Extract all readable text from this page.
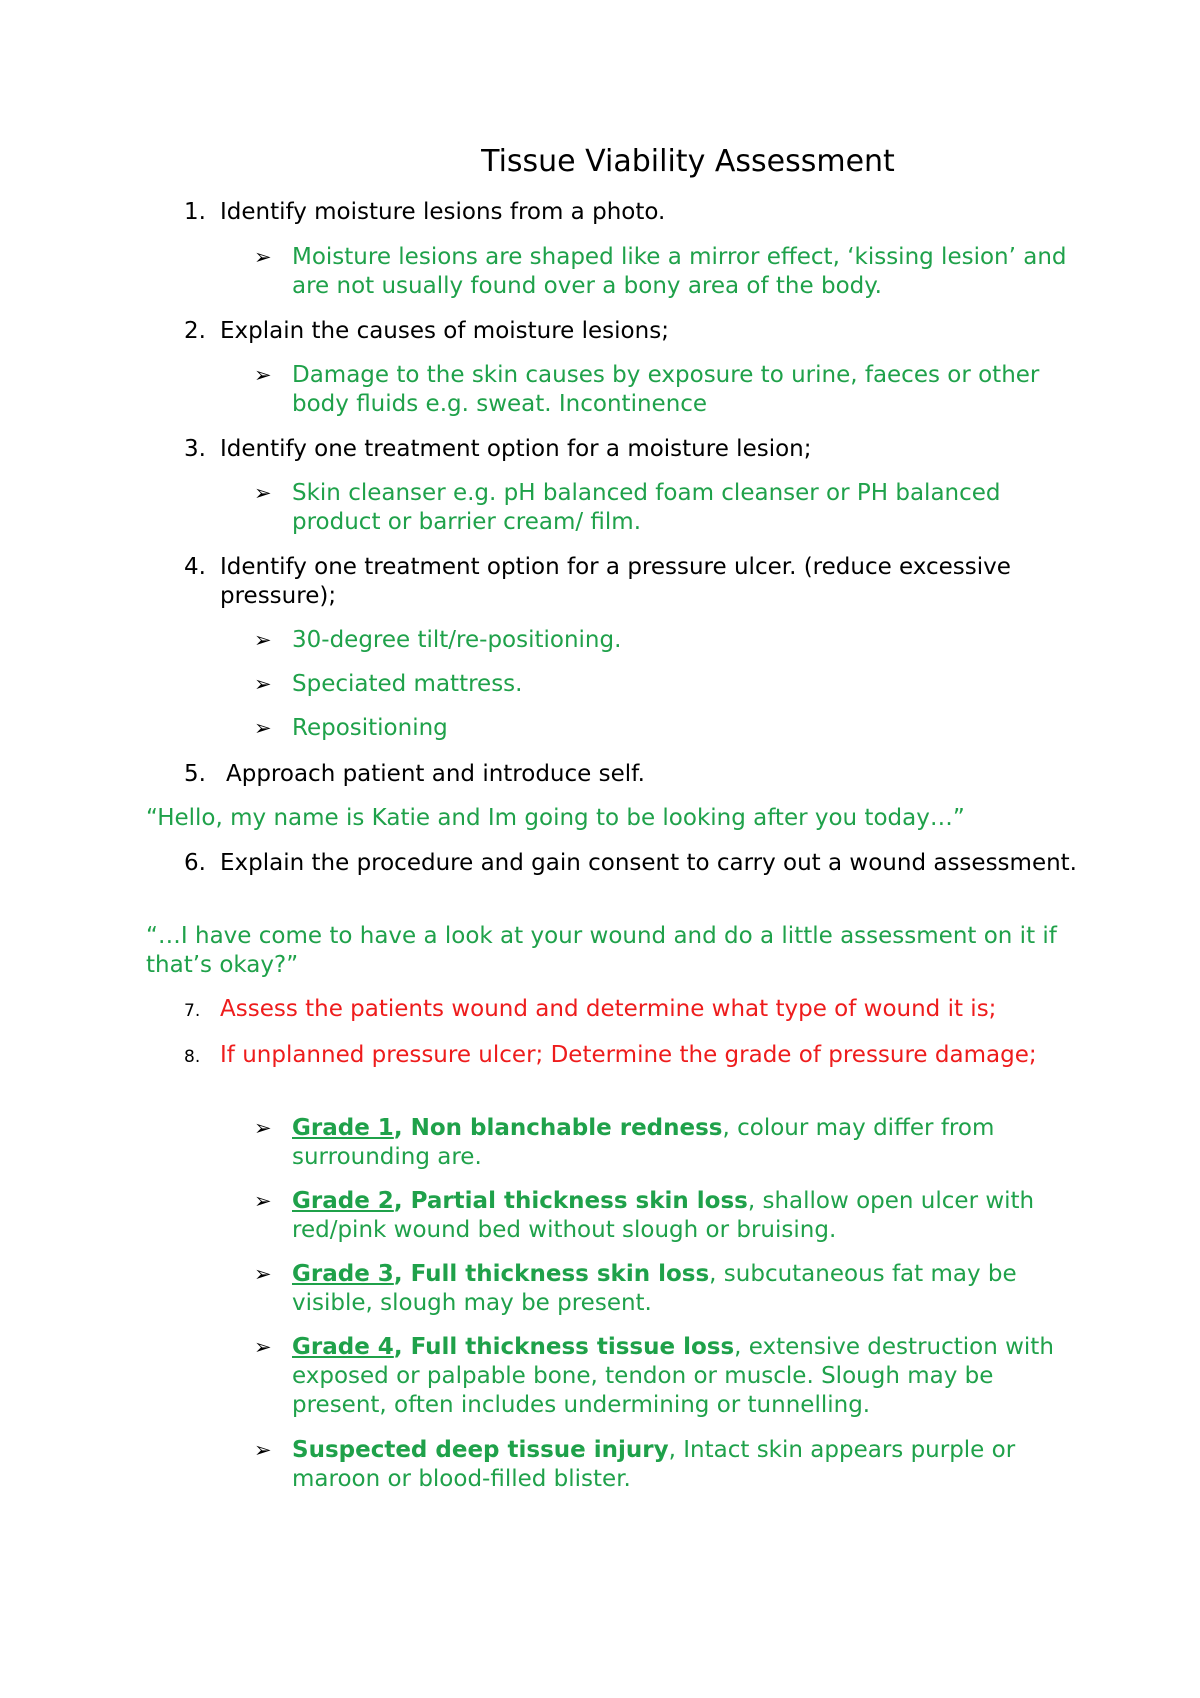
Tissue Viability Assessment
1. Identify moisture lesions from a photo.
➢ Moisture lesions are shaped like a mirror effect, ‘kissing lesion’ and are not usually found over a bony area of the body.
2. Explain the causes of moisture lesions;
➢ Damage to the skin causes by exposure to urine, faeces or other body fluids e.g. sweat. Incontinence
3. Identify one treatment option for a moisture lesion;
➢ Skin cleanser e.g. pH balanced foam cleanser or PH balanced product or barrier cream/ film.
4. Identify one treatment option for a pressure ulcer. (reduce excessive pressure);
➢ 30-degree tilt/re-positioning.
➢ Speciated mattress.
➢ Repositioning
5. Approach patient and introduce self.
“Hello, my name is Katie and Im going to be looking after you today…”
6. Explain the procedure and gain consent to carry out a wound assessment.
“…I have come to have a look at your wound and do a little assessment on it if that’s okay?”
7. Assess the patients wound and determine what type of wound it is;
8. If unplanned pressure ulcer; Determine the grade of pressure damage;
➢ Grade 1, Non blanchable redness, colour may differ from surrounding are.
➢ Grade 2, Partial thickness skin loss, shallow open ulcer with red/pink wound bed without slough or bruising.
➢ Grade 3, Full thickness skin loss, subcutaneous fat may be visible, slough may be present.
➢ Grade 4, Full thickness tissue loss, extensive destruction with exposed or palpable bone, tendon or muscle. Slough may be present, often includes undermining or tunnelling.
➢ Suspected deep tissue injury, Intact skin appears purple or maroon or blood-filled blister.
